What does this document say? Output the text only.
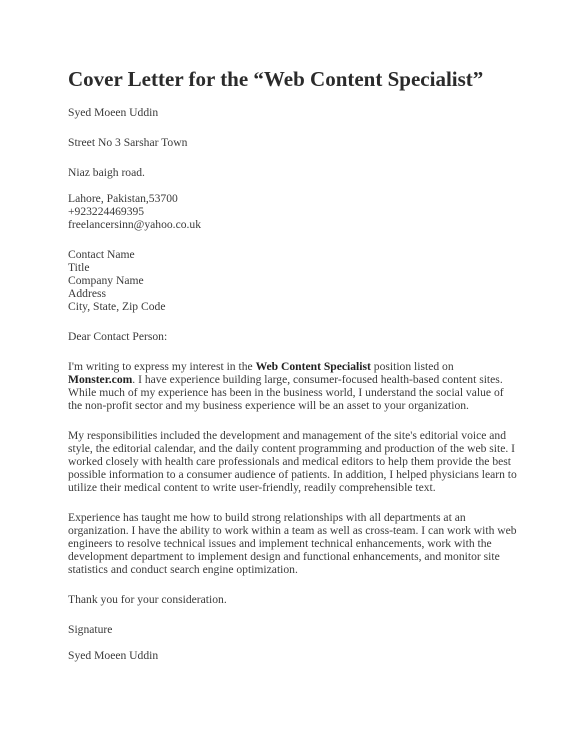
Cover Letter for the “Web Content Specialist”

Syed Moeen Uddin

Street No 3 Sarshar Town

Niaz baigh road.

Lahore, Pakistan,53700

+923224469395

freelancersinn@yahoo.co.uk

Contact Name

Title

Company Name

Address

City, State, Zip Code

Dear Contact Person:

I'm writing to express my interest in the Web Content Specialist position listed on Monster.com. I have experience building large, consumer-focused health-based content sites. While much of my experience has been in the business world, I understand the social value of the non-profit sector and my business experience will be an asset to your organization.

My responsibilities included the development and management of the site's editorial voice and style, the editorial calendar, and the daily content programming and production of the web site. I worked closely with health care professionals and medical editors to help them provide the best possible information to a consumer audience of patients. In addition, I helped physicians learn to utilize their medical content to write user-friendly, readily comprehensible text.

Experience has taught me how to build strong relationships with all departments at an organization. I have the ability to work within a team as well as cross-team. I can work with web engineers to resolve technical issues and implement technical enhancements, work with the development department to implement design and functional enhancements, and monitor site statistics and conduct search engine optimization.

Thank you for your consideration.

Signature

Syed Moeen Uddin
